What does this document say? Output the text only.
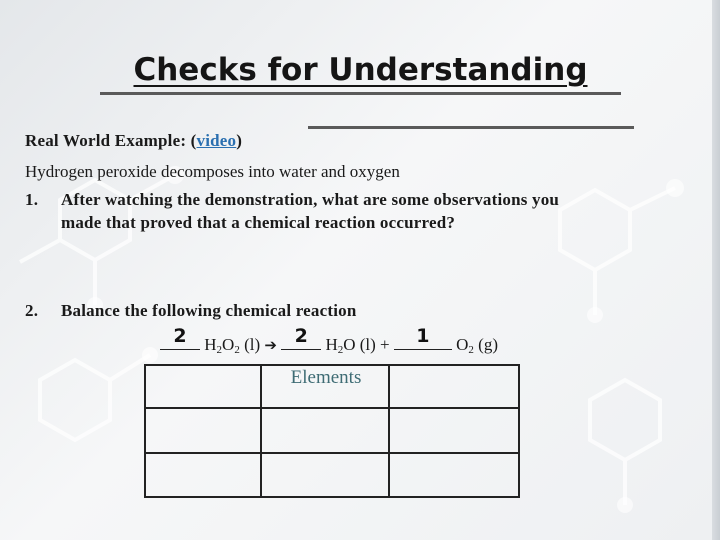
Checks for Understanding
Real World Example: (video)
Hydrogen peroxide decomposes into water and oxygen
1. After watching the demonstration, what are some observations you
made that proved that a chemical reaction occurred?
2. Balance the following chemical reaction
2	$H_2O_2$ (l) ➔ 2	$H_2O$ (l) +	1	$O_2$ (g)
Elements
